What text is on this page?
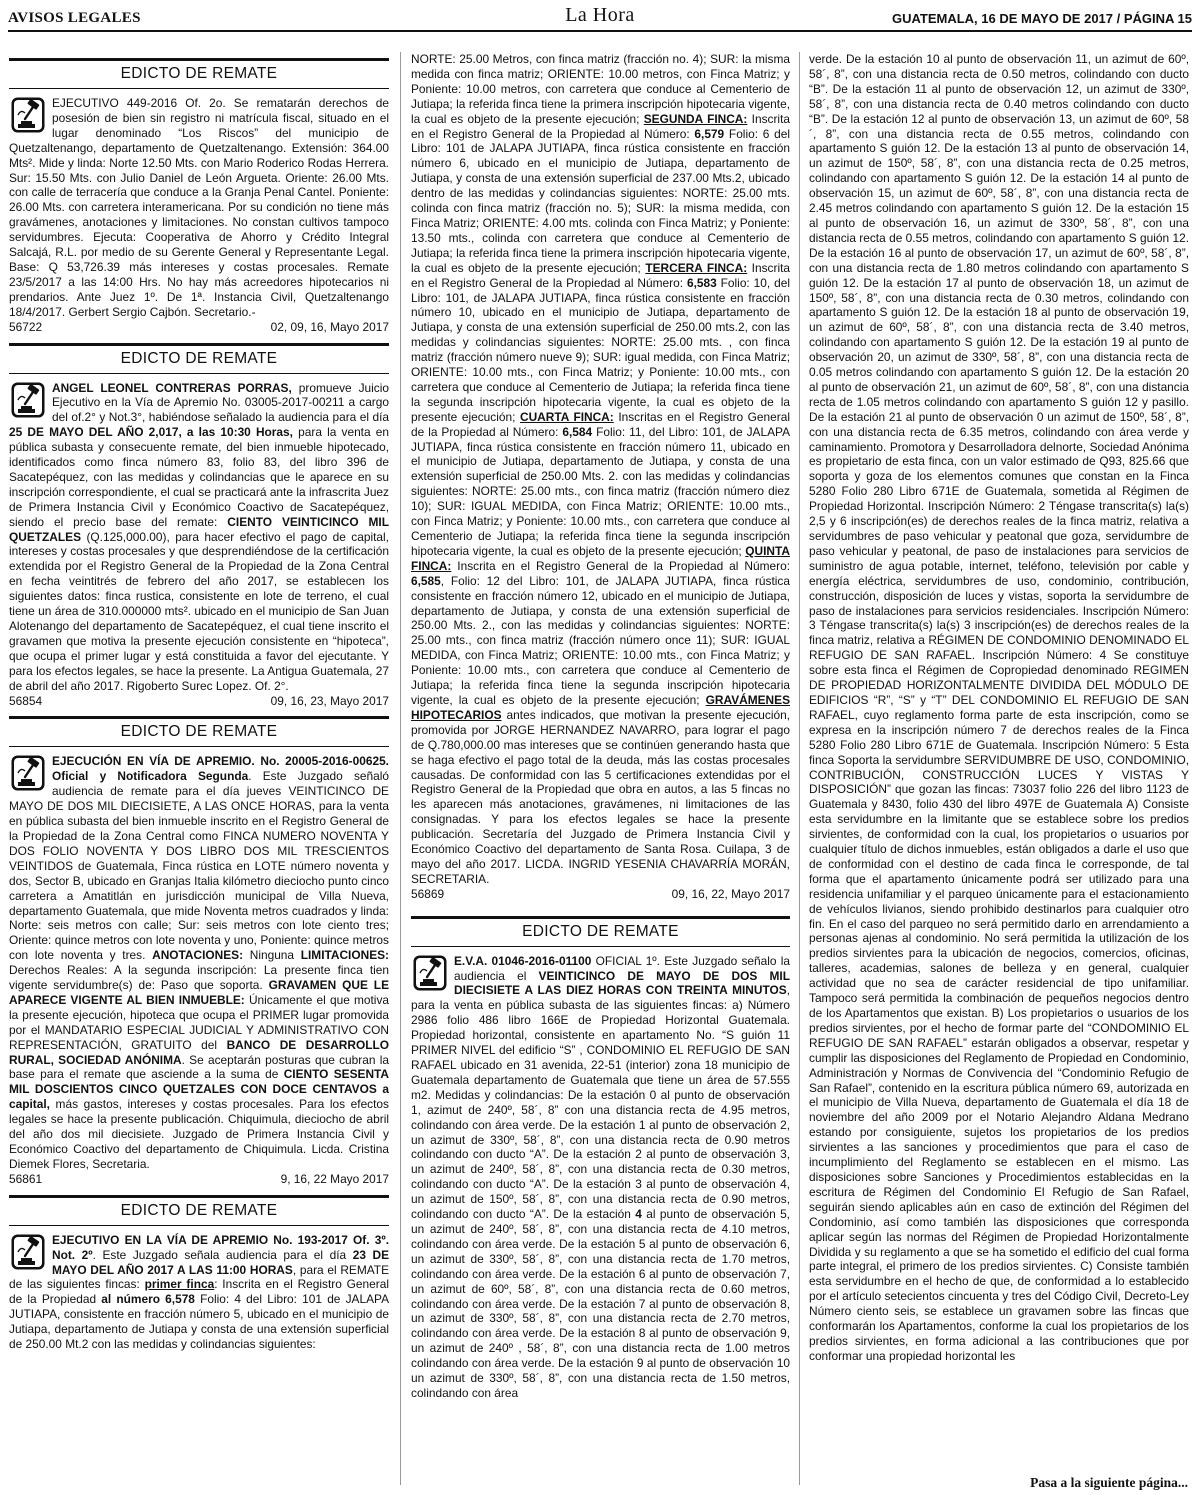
AVISOS LEGALES	La Hora	GUATEMALA, 16 DE MAYO DE 2017 / PÁGINA 15
EDICTO DE REMATE
EJECUTIVO 449-2016 Of. 2o. Se rematarán derechos de posesión de bien sin registro ni matrícula fiscal, situado en el lugar denominado “Los Riscos” del municipio de Quetzaltenango, departamento de Quetzaltenango. Extensión: 364.00 Mts². Mide y linda: Norte 12.50 Mts. con Mario Roderico Rodas Herrera. Sur: 15.50 Mts. con Julio Daniel de León Argueta. Oriente: 26.00 Mts. con calle de terracería que conduce a la Granja Penal Cantel. Poniente: 26.00 Mts. con carretera interamericana. Por su condición no tiene más gravámenes, anotaciones y limitaciones. No constan cultivos tampoco servidumbres. Ejecuta: Cooperativa de Ahorro y Crédito Integral Salcajá, R.L. por medio de su Gerente General y Representante Legal. Base: Q 53,726.39 más intereses y costas procesales. Remate 23/5/2017 a las 14:00 Hrs. No hay más acreedores hipotecarios ni prendarios. Ante Juez 1º. De 1ª. Instancia Civil, Quetzaltenango 18/4/2017. Gerbert Sergio Cajbón. Secretario.-
56722	02, 09, 16, Mayo 2017
EDICTO DE REMATE
ANGEL LEONEL CONTRERAS PORRAS, promueve Juicio Ejecutivo en la Vía de Apremio No. 03005-2017-00211 a cargo del of.2° y Not.3°, habiéndose señalado la audiencia para el día 25 DE MAYO DEL AÑO 2,017, a las 10:30 Horas, para la venta en pública subasta y consecuente remate, del bien inmueble hipotecado, identificados como finca número 83, folio 83, del libro 396 de Sacatepéquez, con las medidas y colindancias que le aparece en su inscripción correspondiente, el cual se practicará ante la infrascrita Juez de Primera Instancia Civil y Económico Coactivo de Sacatepéquez, siendo el precio base del remate: CIENTO VEINTICINCO MIL QUETZALES (Q.125,000.00), para hacer efectivo el pago de capital, intereses y costas procesales y que desprendiéndose de la certificación extendida por el Registro General de la Propiedad de la Zona Central en fecha veintitrés de febrero del año 2017, se establecen los siguientes datos: finca rustica, consistente en lote de terreno, el cual tiene un área de 310.000000 mts². ubicado en el municipio de San Juan Alotenango del departamento de Sacatepéquez, el cual tiene inscrito el gravamen que motiva la presente ejecución consistente en “hipoteca”, que ocupa el primer lugar y está constituida a favor del ejecutante. Y para los efectos legales, se hace la presente. La Antigua Guatemala, 27 de abril del año 2017. Rigoberto Surec Lopez. Of. 2°.
56854	09, 16, 23, Mayo 2017
EDICTO DE REMATE
EJECUCIÓN EN VÍA DE APREMIO. No. 20005-2016-00625. Oficial y Notificadora Segunda. Este Juzgado señaló audiencia de remate para el día jueves VEINTICINCO DE MAYO DE DOS MIL DIECISIETE, A LAS ONCE HORAS, para la venta en pública subasta del bien inmueble inscrito en el Registro General de la Propiedad de la Zona Central como FINCA NUMERO NOVENTA Y DOS FOLIO NOVENTA Y DOS LIBRO DOS MIL TRESCIENTOS VEINTIDOS de Guatemala, Finca rústica en LOTE número noventa y dos, Sector B, ubicado en Granjas Italia kilómetro dieciocho punto cinco carretera a Amatitlán en jurisdicción municipal de Villa Nueva, departamento Guatemala, que mide Noventa metros cuadrados y linda: Norte: seis metros con calle; Sur: seis metros con lote ciento tres; Oriente: quince metros con lote noventa y uno, Poniente: quince metros con lote noventa y tres. ANOTACIONES: Ninguna LIMITACIONES: Derechos Reales: A la segunda inscripción: La presente finca tien vigente servidumbre(s) de: Paso que soporta. GRAVAMEN QUE LE APARECE VIGENTE AL BIEN INMUEBLE: Únicamente el que motiva la presente ejecución, hipoteca que ocupa el PRIMER lugar promovida por el MANDATARIO ESPECIAL JUDICIAL Y ADMINISTRATIVO CON REPRESENTACIÓN, GRATUITO del BANCO DE DESARROLLO RURAL, SOCIEDAD ANÓNIMA. Se aceptarán posturas que cubran la base para el remate que asciende a la suma de CIENTO SESENTA MIL DOSCIENTOS CINCO QUETZALES CON DOCE CENTAVOS a capital, más gastos, intereses y costas procesales. Para los efectos legales se hace la presente publicación. Chiquimula, dieciocho de abril del año dos mil diecisiete. Juzgado de Primera Instancia Civil y Económico Coactivo del departamento de Chiquimula. Licda. Cristina Diemek Flores, Secretaria.
56861	9, 16, 22 Mayo 2017
EDICTO DE REMATE
EJECUTIVO EN LA VÍA DE APREMIO No. 193-2017 Of. 3º. Not. 2º. Este Juzgado señala audiencia para el día 23 DE MAYO DEL AÑO 2017 A LAS 11:00 HORAS, para el REMATE de las siguientes fincas: primer finca: Inscrita en el Registro General de la Propiedad al número 6,578 Folio: 4 del Libro: 101 de JALAPA JUTIAPA, consistente en fracción número 5, ubicado en el municipio de Jutiapa, departamento de Jutiapa y consta de una extensión superficial de 250.00 Mt.2 con las medidas y colindancias siguientes:
NORTE: 25.00 Metros, con finca matriz (fracción no. 4); SUR: la misma medida con finca matriz; ORIENTE: 10.00 metros, con Finca Matriz; y Poniente: 10.00 metros, con carretera que conduce al Cementerio de Jutiapa; la referida finca tiene la primera inscripción hipotecaria vigente, la cual es objeto de la presente ejecución; SEGUNDA FINCA: Inscrita en el Registro General de la Propiedad al Número: 6,579 Folio: 6 del Libro: 101 de JALAPA JUTIAPA, finca rústica consistente en fracción número 6, ubicado en el municipio de Jutiapa, departamento de Jutiapa, y consta de una extensión superficial de 237.00 Mts.2, ubicado dentro de las medidas y colindancias siguientes: NORTE: 25.00 mts. colinda con finca matriz (fracción no. 5); SUR: la misma medida, con Finca Matriz; ORIENTE: 4.00 mts. colinda con Finca Matriz; y Poniente: 13.50 mts., colinda con carretera que conduce al Cementerio de Jutiapa; la referida finca tiene la primera inscripción hipotecaria vigente, la cual es objeto de la presente ejecución; TERCERA FINCA: Inscrita en el Registro General de la Propiedad al Número: 6,583 Folio: 10, del Libro: 101, de JALAPA JUTIAPA, finca rústica consistente en fracción número 10, ubicado en el municipio de Jutiapa, departamento de Jutiapa, y consta de una extensión superficial de 250.00 mts.2, con las medidas y colindancias siguientes: NORTE: 25.00 mts. , con finca matriz (fracción número nueve 9); SUR: igual medida, con Finca Matriz; ORIENTE: 10.00 mts., con Finca Matriz; y Poniente: 10.00 mts., con carretera que conduce al Cementerio de Jutiapa; la referida finca tiene la segunda inscripción hipotecaria vigente, la cual es objeto de la presente ejecución; CUARTA FINCA: Inscritas en el Registro General de la Propiedad al Número: 6,584 Folio: 11, del Libro: 101, de JALAPA JUTIAPA, finca rústica consistente en fracción número 11, ubicado en el municipio de Jutiapa, departamento de Jutiapa, y consta de una extensión superficial de 250.00 Mts. 2. con las medidas y colindancias siguientes: NORTE: 25.00 mts., con finca matriz (fracción número diez 10); SUR: IGUAL MEDIDA, con Finca Matriz; ORIENTE: 10.00 mts., con Finca Matriz; y Poniente: 10.00 mts., con carretera que conduce al Cementerio de Jutiapa; la referida finca tiene la segunda inscripción hipotecaria vigente, la cual es objeto de la presente ejecución; QUINTA FINCA: Inscrita en el Registro General de la Propiedad al Número: 6,585, Folio: 12 del Libro: 101, de JALAPA JUTIAPA, finca rústica consistente en fracción número 12, ubicado en el municipio de Jutiapa, departamento de Jutiapa, y consta de una extensión superficial de 250.00 Mts. 2., con las medidas y colindancias siguientes: NORTE: 25.00 mts., con finca matriz (fracción número once 11); SUR: IGUAL MEDIDA, con Finca Matriz; ORIENTE: 10.00 mts., con Finca Matriz; y Poniente: 10.00 mts., con carretera que conduce al Cementerio de Jutiapa; la referida finca tiene la segunda inscripción hipotecaria vigente, la cual es objeto de la presente ejecución; GRAVÁMENES HIPOTECARIOS antes indicados, que motivan la presente ejecución, promovida por JORGE HERNANDEZ NAVARRO, para lograr el pago de Q.780,000.00 mas intereses que se continúen generando hasta que se haga efectivo el pago total de la deuda, más las costas procesales causadas. De conformidad con las 5 certificaciones extendidas por el Registro General de la Propiedad que obra en autos, a las 5 fincas no les aparecen más anotaciones, gravámenes, ni limitaciones de las consignadas. Y para los efectos legales se hace la presente publicación. Secretaría del Juzgado de Primera Instancia Civil y Económico Coactivo del departamento de Santa Rosa. Cuilapa, 3 de mayo del año 2017. LICDA. INGRID YESENIA CHAVARRÍA MORÁN, SECRETARIA.
56869	09, 16, 22, Mayo 2017
EDICTO DE REMATE
E.V.A. 01046-2016-01100 OFICIAL 1º. Este Juzgado señalo la audiencia el VEINTICINCO DE MAYO DE DOS MIL DIECISIETE A LAS DIEZ HORAS CON TREINTA MINUTOS, para la venta en pública subasta de las siguientes fincas: a) Número 2986 folio 486 libro 166E de Propiedad Horizontal Guatemala. Propiedad horizontal, consistente en apartamento No. “S guión 11 PRIMER NIVEL del edificio “S” , CONDOMINIO EL REFUGIO DE SAN RAFAEL ubicado en 31 avenida, 22-51 (interior) zona 18 municipio de Guatemala departamento de Guatemala que tiene un área de 57.555 m2. Medidas y colindancias: De la estación 0 al punto de observación 1, azimut de 240º, 58´, 8” con una distancia recta de 4.95 metros, colindando con área verde. De la estación 1 al punto de observación 2, un azimut de 330º, 58´, 8”, con una distancia recta de 0.90 metros colindando con ducto “A”. De la estación 2 al punto de observación 3, un azimut de 240º, 58´, 8”, con una distancia recta de 0.30 metros, colindando con ducto “A”. De la estación 3 al punto de observación 4, un azimut de 150º, 58´, 8”, con una distancia recta de 0.90 metros, colindando con ducto “A”. De la estación 4 al punto de observación 5, un azimut de 240º, 58´, 8”, con una distancia recta de 4.10 metros, colindando con área verde. De la estación 5 al punto de observación 6, un azimut de 330º, 58´, 8”, con una distancia recta de 1.70 metros, colindando con área verde. De la estación 6 al punto de observación 7, un azimut de 60º, 58´, 8”, con una distancia recta de 0.60 metros, colindando con área verde. De la estación 7 al punto de observación 8, un azimut de 330º, 58´, 8”, con una distancia recta de 2.70 metros, colindando con área verde. De la estación 8 al punto de observación 9, un azimut de 240º , 58´, 8”, con una distancia recta de 1.00 metros colindando con área verde. De la estación 9 al punto de observación 10 un azimut de 330º, 58´, 8”, con una distancia recta de 1.50 metros, colindando con área
verde. De la estación 10 al punto de observación 11, un azimut de 60º, 58´, 8”, con una distancia recta de 0.50 metros, colindando con ducto “B”. De la estación 11 al punto de observación 12, un azimut de 330º, 58´, 8”, con una distancia recta de 0.40 metros colindando con ducto “B”. De la estación 12 al punto de observación 13, un azimut de 60º, 58´, 8”, con una distancia recta de 0.55 metros, colindando con apartamento S guión 12. De la estación 13 al punto de observación 14, un azimut de 150º, 58´, 8”, con una distancia recta de 0.25 metros, colindando con apartamento S guión 12. De la estación 14 al punto de observación 15, un azimut de 60º, 58´, 8”, con una distancia recta de 2.45 metros colindando con apartamento S guión 12. De la estación 15 al punto de observación 16, un azimut de 330º, 58´, 8”, con una distancia recta de 0.55 metros, colindando con apartamento S guión 12. De la estación 16 al punto de observación 17, un azimut de 60º, 58´, 8”, con una distancia recta de 1.80 metros colindando con apartamento S guión 12. De la estación 17 al punto de observación 18, un azimut de 150º, 58´, 8”, con una distancia recta de 0.30 metros, colindando con apartamento S guión 12. De la estación 18 al punto de observación 19, un azimut de 60º, 58´, 8”, con una distancia recta de 3.40 metros, colindando con apartamento S guión 12. De la estación 19 al punto de observación 20, un azimut de 330º, 58´, 8”, con una distancia recta de 0.05 metros colindando con apartamento S guión 12. De la estación 20 al punto de observación 21, un azimut de 60º, 58´, 8”, con una distancia recta de 1.05 metros colindando con apartamento S guión 12 y pasillo. De la estación 21 al punto de observación 0 un azimut de 150º, 58´, 8”, con una distancia recta de 6.35 metros, colindando con área verde y caminamiento. Promotora y Desarrolladora delnorte, Sociedad Anónima es propietario de esta finca, con un valor estimado de Q93, 825.66 que soporta y goza de los elementos comunes que constan en la Finca 5280 Folio 280 Libro 671E de Guatemala, sometida al Régimen de Propiedad Horizontal. Inscripción Número: 2 Téngase transcrita(s) la(s) 2,5 y 6 inscripción(es) de derechos reales de la finca matriz, relativa a servidumbres de paso vehicular y peatonal que goza, servidumbre de paso vehicular y peatonal, de paso de instalaciones para servicios de suministro de agua potable, internet, teléfono, televisión por cable y energía eléctrica, servidumbres de uso, condominio, contribución, construcción, disposición de luces y vistas, soporta la servidumbre de paso de instalaciones para servicios residenciales. Inscripción Número: 3 Téngase transcrita(s) la(s) 3 inscripción(es) de derechos reales de la finca matriz, relativa a RÉGIMEN DE CONDOMINIO DENOMINADO EL REFUGIO DE SAN RAFAEL. Inscripción Número: 4 Se constituye sobre esta finca el Régimen de Copropiedad denominado REGIMEN DE PROPIEDAD HORIZONTALMENTE DIVIDIDA DEL MÓDULO DE EDIFICIOS “R”, “S” y “T” DEL CONDOMINIO EL REFUGIO DE SAN RAFAEL, cuyo reglamento forma parte de esta inscripción, como se expresa en la inscripción número 7 de derechos reales de la Finca 5280 Folio 280 Libro 671E de Guatemala. Inscripción Número: 5 Esta finca Soporta la servidumbre SERVIDUMBRE DE USO, CONDOMINIO, CONTRIBUCIÓN, CONSTRUCCIÓN LUCES Y VISTAS Y DISPOSICIÓN” que gozan las fincas: 73037 folio 226 del libro 1123 de Guatemala y 8430, folio 430 del libro 497E de Guatemala A) Consiste esta servidumbre en la limitante que se establece sobre los predios sirvientes, de conformidad con la cual, los propietarios o usuarios por cualquier título de dichos inmuebles, están obligados a darle el uso que de conformidad con el destino de cada finca le corresponde, de tal forma que el apartamento únicamente podrá ser utilizado para una residencia unifamiliar y el parqueo únicamente para el estacionamiento de vehículos livianos, siendo prohibido destinarlos para cualquier otro fin. En el caso del parqueo no será permitido darlo en arrendamiento a personas ajenas al condominio. No será permitida la utilización de los predios sirvientes para la ubicación de negocios, comercios, oficinas, talleres, academias, salones de belleza y en general, cualquier actividad que no sea de carácter residencial de tipo unifamiliar. Tampoco será permitida la combinación de pequeños negocios dentro de los Apartamentos que existan. B) Los propietarios o usuarios de los predios sirvientes, por el hecho de formar parte del “CONDOMINIO EL REFUGIO DE SAN RAFAEL” estarán obligados a observar, respetar y cumplir las disposiciones del Reglamento de Propiedad en Condominio, Administración y Normas de Convivencia del “Condominio Refugio de San Rafael”, contenido en la escritura pública número 69, autorizada en el municipio de Villa Nueva, departamento de Guatemala el día 18 de noviembre del año 2009 por el Notario Alejandro Aldana Medrano estando por consiguiente, sujetos los propietarios de los predios sirvientes a las sanciones y procedimientos que para el caso de incumplimiento del Reglamento se establecen en el mismo. Las disposiciones sobre Sanciones y Procedimientos establecidas en la escritura de Régimen del Condominio El Refugio de San Rafael, seguirán siendo aplicables aún en caso de extinción del Régimen del Condominio, así como también las disposiciones que corresponda aplicar según las normas del Régimen de Propiedad Horizontalmente Dividida y su reglamento a que se ha sometido el edificio del cual forma parte integral, el primero de los predios sirvientes. C) Consiste también esta servidumbre en el hecho de que, de conformidad a lo establecido por el artículo setecientos cincuenta y tres del Código Civil, Decreto-Ley Número ciento seis, se establece un gravamen sobre las fincas que conformarán los Apartamentos, conforme la cual los propietarios de los predios sirvientes, en forma adicional a las contribuciones que por conformar una propiedad horizontal les
Pasa a la siguiente página...
